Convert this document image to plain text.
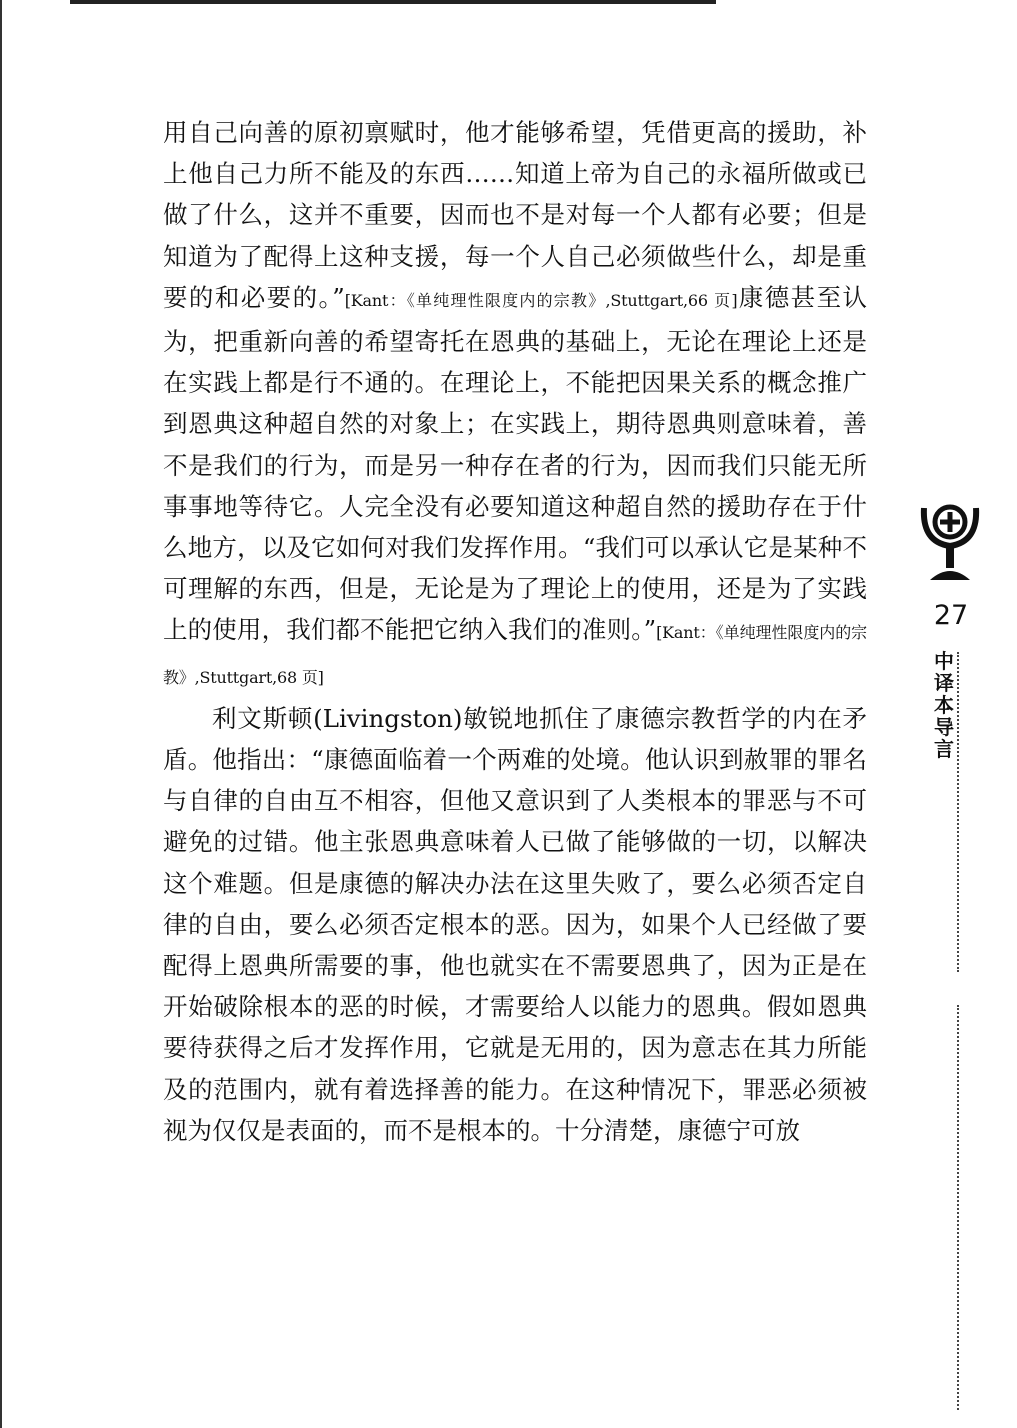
用自己向善的原初禀赋时，他才能够希望，凭借更高的援助，补上他自己力所不能及的东西……知道上帝为自己的永福所做或已做了什么，这并不重要，因而也不是对每一个人都有必要；但是知道为了配得上这种支援，每一个人自己必须做些什么，却是重要的和必要的。”[Kant：《单纯理性限度内的宗教》,Stuttgart,66 页]康德甚至认为，把重新向善的希望寄托在恩典的基础上，无论在理论上还是在实践上都是行不通的。在理论上，不能把因果关系的概念推广到恩典这种超自然的对象上；在实践上，期待恩典则意味着，善不是我们的行为，而是另一种存在者的行为，因而我们只能无所事事地等待它。人完全没有必要知道这种超自然的援助存在于什么地方，以及它如何对我们发挥作用。“我们可以承认它是某种不可理解的东西，但是，无论是为了理论上的使用，还是为了实践上的使用，我们都不能把它纳入我们的准则。”[Kant：《单纯理性限度内的宗教》,Stuttgart,68 页]

利文斯顿(Livingston)敏锐地抓住了康德宗教哲学的内在矛盾。他指出：“康德面临着一个两难的处境。他认识到赦罪的罪名与自律的自由互不相容，但他又意识到了人类根本的罪恶与不可避免的过错。他主张恩典意味着人已做了能够做的一切，以解决这个难题。但是康德的解决办法在这里失败了，要么必须否定自律的自由，要么必须否定根本的恶。因为，如果个人已经做了要配得上恩典所需要的事，他也就实在不需要恩典了，因为正是在开始破除根本的恶的时候，才需要给人以能力的恩典。假如恩典要待获得之后才发挥作用，它就是无用的，因为意志在其力所能及的范围内，就有着选择善的能力。在这种情况下，罪恶必须被视为仅仅是表面的，而不是根本的。十分清楚，康德宁可放

27
中
译
本
导
言
